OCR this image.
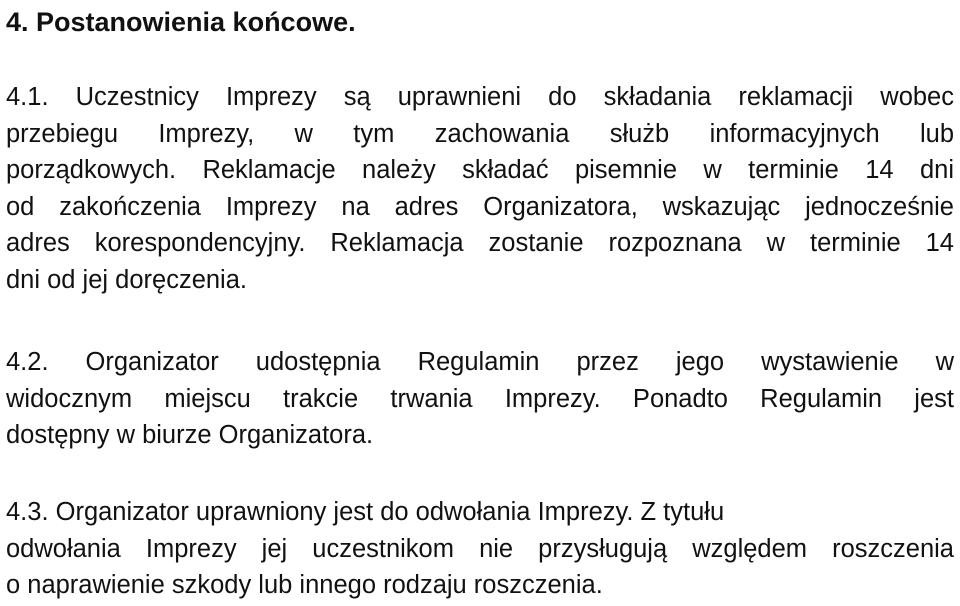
4. Postanowienia końcowe.

4.1. Uczestnicy Imprezy są uprawnieni do składania reklamacji wobec
przebiegu Imprezy, w tym zachowania służb informacyjnych lub
porządkowych. Reklamacje należy składać pisemnie w terminie 14 dni
od zakończenia Imprezy na adres Organizatora, wskazując jednocześnie
adres korespondencyjny. Reklamacja zostanie rozpoznana w terminie 14
dni od jej doręczenia.

4.2. Organizator udostępnia Regulamin przez jego wystawienie w
widocznym miejscu trakcie trwania Imprezy. Ponadto Regulamin jest
dostępny w biurze Organizatora.

4.3. Organizator uprawniony jest do odwołania Imprezy. Z tytułu
odwołania Imprezy jej uczestnikom nie przysługują względem roszczenia
o naprawienie szkody lub innego rodzaju roszczenia.
